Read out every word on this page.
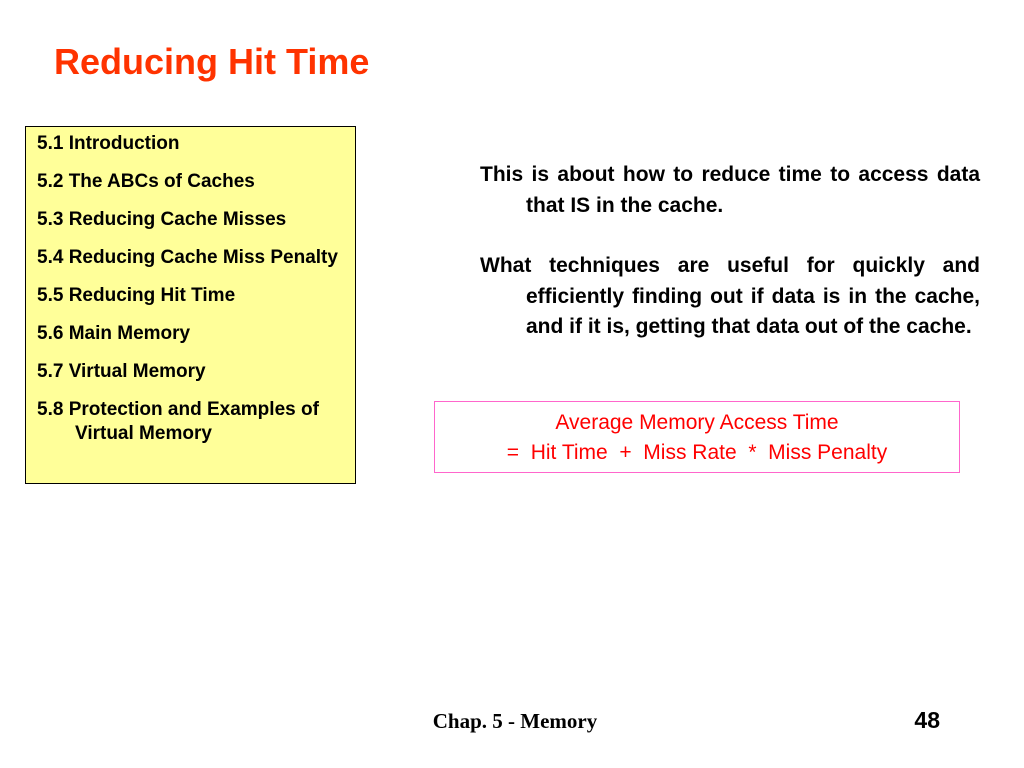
Reducing Hit Time
5.1 Introduction
5.2 The ABCs of Caches
5.3 Reducing Cache Misses
5.4 Reducing Cache Miss Penalty
5.5 Reducing Hit Time
5.6 Main Memory
5.7 Virtual Memory
5.8 Protection and Examples of Virtual Memory

This is about how to reduce time to access data that IS in the cache.

What techniques are useful for quickly and efficiently finding out if data is in the cache, and if it is, getting that data out of the cache.

Average Memory Access Time
=  Hit Time  +  Miss Rate  *  Miss Penalty
Chap. 5 - Memory	48
